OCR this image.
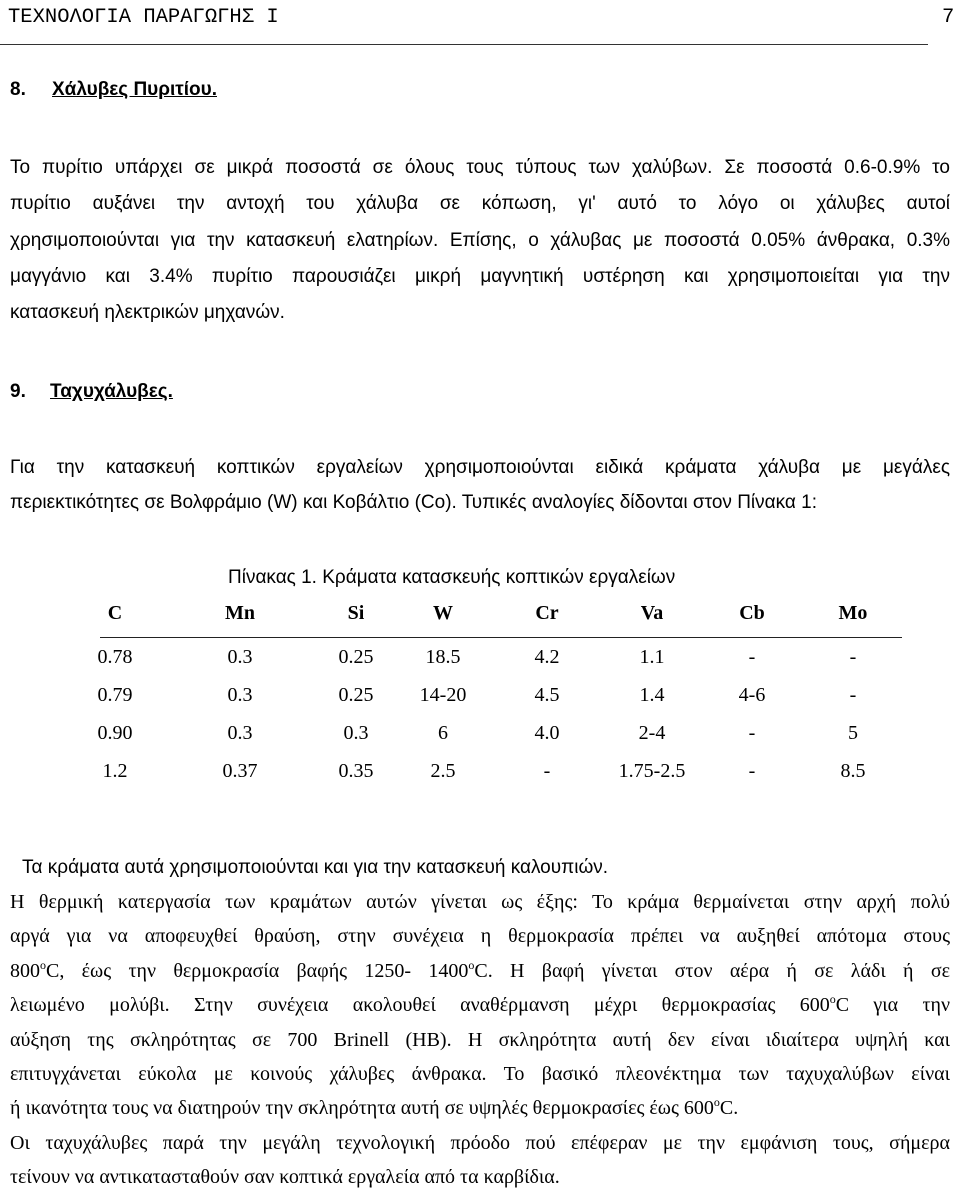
ΤΕΧΝΟΛΟΓΙΑ ΠΑΡΑΓΩΓΗΣ I	7
8. Χάλυβες Πυριτίου.
Το πυρίτιο υπάρχει σε μικρά ποσοστά σε όλους τους τύπους των χαλύβων. Σε ποσοστά 0.6-0.9% το
πυρίτιο αυξάνει την αντοχή του χάλυβα σε κόπωση, γι' αυτό το λόγο οι χάλυβες αυτοί
χρησιμοποιούνται για την κατασκευή ελατηρίων. Επίσης, ο χάλυβας με ποσοστά 0.05% άνθρακα, 0.3%
μαγγάνιο και 3.4% πυρίτιο παρουσιάζει μικρή μαγνητική υστέρηση και χρησιμοποιείται για την
κατασκευή ηλεκτρικών μηχανών.
9. Ταχυχάλυβες.
Για την κατασκευή κοπτικών εργαλείων χρησιμοποιούνται ειδικά κράματα χάλυβα με μεγάλες
περιεκτικότητες σε Βολφράμιο (W) και Κοβάλτιο (Co). Τυπικές αναλογίες δίδονται στον Πίνακα 1:
Πίνακας 1. Κράματα κατασκευής κοπτικών εργαλείων
C	Mn	Si	W	Cr	Va	Cb	Mo
0.78	0.3	0.25	18.5	4.2	1.1	-	-
0.79	0.3	0.25	14-20	4.5	1.4	4-6	-
0.90	0.3	0.3	6	4.0	2-4	-	5
1.2	0.37	0.35	2.5	-	1.75-2.5	-	8.5
Τα κράματα αυτά χρησιμοποιούνται και για την κατασκευή καλουπιών.
Η θερμική κατεργασία των κραμάτων αυτών γίνεται ως έξης: Το κράμα θερμαίνεται στην αρχή πολύ
αργά για να αποφευχθεί θραύση, στην συνέχεια η θερμοκρασία πρέπει να αυξηθεί απότομα στους
800$^o$C, έως την θερμοκρασία βαφής 1250- 1400$^o$C. Η βαφή γίνεται στον αέρα ή σε λάδι ή σε
λειωμένο μολύβι. Στην συνέχεια ακολουθεί αναθέρμανση μέχρι θερμοκρασίας 600$^o$C για την
αύξηση της σκληρότητας σε 700 Brinell (HB). Η σκληρότητα αυτή δεν είναι ιδιαίτερα υψηλή και
επιτυγχάνεται εύκολα με κοινούς χάλυβες άνθρακα. Το βασικό πλεονέκτημα των ταχυχαλύβων είναι
ή ικανότητα τους να διατηρούν την σκληρότητα αυτή σε υψηλές θερμοκρασίες έως 600$^o$C.
Οι ταχυχάλυβες παρά την μεγάλη τεχνολογική πρόοδο πού επέφεραν με την εμφάνιση τους, σήμερα
τείνουν να αντικατασταθούν σαν κοπτικά εργαλεία από τα καρβίδια.
